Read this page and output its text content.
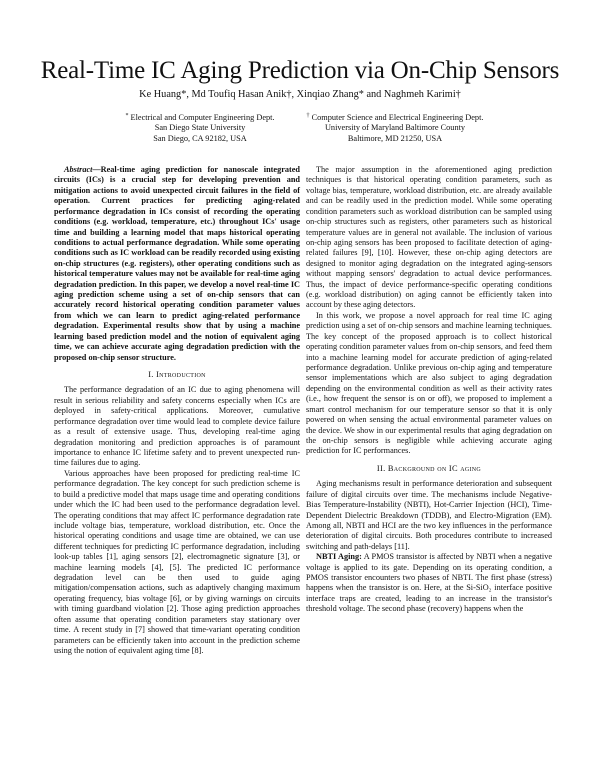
Real-Time IC Aging Prediction via On-Chip Sensors
Ke Huang*, Md Toufiq Hasan Anik†, Xinqiao Zhang* and Naghmeh Karimi†
* Electrical and Computer Engineering Dept.
San Diego State University
San Diego, CA 92182, USA
† Computer Science and Electrical Engineering Dept.
University of Maryland Baltimore County
Baltimore, MD 21250, USA

Abstract—Real-time aging prediction for nanoscale integrated circuits (ICs) is a crucial step for developing prevention and mitigation actions to avoid unexpected circuit failures in the field of operation. Current practices for predicting aging-related performance degradation in ICs consist of recording the operating conditions (e.g. workload, temperature, etc.) throughout ICs' usage time and building a learning model that maps historical operating conditions to actual performance degradation. While some operating conditions such as IC workload can be readily recorded using existing on-chip structures (e.g. registers), other operating conditions such as historical temperature values may not be available for real-time aging degradation prediction. In this paper, we develop a novel real-time IC aging prediction scheme using a set of on-chip sensors that can accurately record historical operating condition parameter values from which we can learn to predict aging-related performance degradation. Experimental results show that by using a machine learning based prediction model and the notion of equivalent aging time, we can achieve accurate aging degradation prediction with the proposed on-chip sensor structure.

I. Introduction

The performance degradation of an IC due to aging phenomena will result in serious reliability and safety concerns especially when ICs are deployed in safety-critical applications. Moreover, cumulative performance degradation over time would lead to complete device failure as a result of extensive usage. Thus, developing real-time aging degradation monitoring and prediction approaches is of paramount importance to enhance IC lifetime safety and to prevent unexpected run-time failures due to aging.

Various approaches have been proposed for predicting real-time IC performance degradation. The key concept for such prediction scheme is to build a predictive model that maps usage time and operating conditions under which the IC had been used to the performance degradation level. The operating conditions that may affect IC performance degradation rate include voltage bias, temperature, workload distribution, etc. Once the historical operating conditions and usage time are obtained, we can use different techniques for predicting IC performance degradation, including look-up tables [1], aging sensors [2], electromagnetic signature [3], or machine learning models [4], [5]. The predicted IC performance degradation level can be then used to guide aging mitigation/compensation actions, such as adaptively changing maximum operating frequency, bias voltage [6], or by giving warnings on circuits with timing guardband violation [2]. Those aging prediction approaches often assume that operating condition parameters stay stationary over time. A recent study in [7] showed that time-variant operating condition parameters can be efficiently taken into account in the prediction scheme using the notion of equivalent aging time [8].

The major assumption in the aforementioned aging prediction techniques is that historical operating condition parameters, such as voltage bias, temperature, workload distribution, etc. are already available and can be readily used in the prediction model. While some operating condition parameters such as workload distribution can be sampled using on-chip structures such as registers, other parameters such as historical temperature values are in general not available. The inclusion of various on-chip aging sensors has been proposed to facilitate detection of aging-related failures [9], [10]. However, these on-chip aging detectors are designed to monitor aging degradation on the integrated aging-sensors without mapping sensors' degradation to actual device performances. Thus, the impact of device performance-specific operating conditions (e.g. workload distribution) on aging cannot be efficiently taken into account by these aging detectors.

In this work, we propose a novel approach for real time IC aging prediction using a set of on-chip sensors and machine learning techniques. The key concept of the proposed approach is to collect historical operating condition parameter values from on-chip sensors, and feed them into a machine learning model for accurate prediction of aging-related performance degradation. Unlike previous on-chip aging and temperature sensor implementations which are also subject to aging degradation depending on the environmental condition as well as their activity rates (i.e., how frequent the sensor is on or off), we proposed to implement a smart control mechanism for our temperature sensor so that it is only powered on when sensing the actual environmental parameter values on the device. We show in our experimental results that aging degradation on the on-chip sensors is negligible while achieving accurate aging prediction for IC performances.

II. Background on IC aging

Aging mechanisms result in performance deterioration and subsequent failure of digital circuits over time. The mechanisms include Negative-Bias Temperature-Instability (NBTI), Hot-Carrier Injection (HCI), Time-Dependent Dielectric Breakdown (TDDB), and Electro-Migration (EM). Among all, NBTI and HCI are the two key influences in the performance deterioration of digital circuits. Both procedures contribute to increased switching and path-delays [11].

NBTI Aging: A PMOS transistor is affected by NBTI when a negative voltage is applied to its gate. Depending on its operating condition, a PMOS transistor encounters two phases of NBTI. The first phase (stress) happens when the transistor is on. Here, at the Si-SiO₂ interface positive interface traps are created, leading to an increase in the transistor's threshold voltage. The second phase (recovery) happens when the
